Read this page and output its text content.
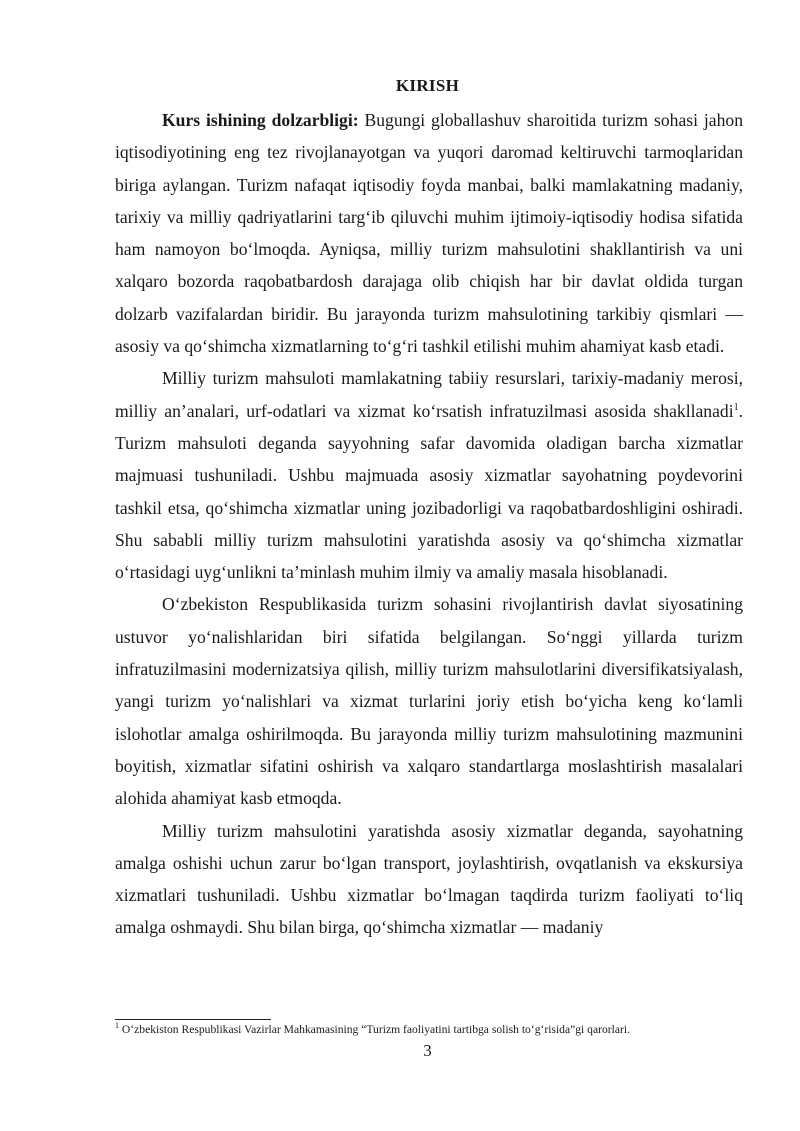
KIRISH

Kurs ishining dolzarbligi: Bugungi globallashuv sharoitida turizm sohasi jahon iqtisodiyotining eng tez rivojlanayotgan va yuqori daromad keltiruvchi tarmoqlaridan biriga aylangan. Turizm nafaqat iqtisodiy foyda manbai, balki mamlakatning madaniy, tarixiy va milliy qadriyatlarini targ‘ib qiluvchi muhim ijtimoiy-iqtisodiy hodisa sifatida ham namoyon bo‘lmoqda. Ayniqsa, milliy turizm mahsulotini shakllantirish va uni xalqaro bozorda raqobatbardosh darajaga olib chiqish har bir davlat oldida turgan dolzarb vazifalardan biridir. Bu jarayonda turizm mahsulotining tarkibiy qismlari — asosiy va qo‘shimcha xizmatlarning to‘g‘ri tashkil etilishi muhim ahamiyat kasb etadi.

Milliy turizm mahsuloti mamlakatning tabiiy resurslari, tarixiy-madaniy merosi, milliy an’analari, urf-odatlari va xizmat ko‘rsatish infratuzilmasi asosida shakllanadi$^1$. Turizm mahsuloti deganda sayyohning safar davomida oladigan barcha xizmatlar majmuasi tushuniladi. Ushbu majmuada asosiy xizmatlar sayohatning poydevorini tashkil etsa, qo‘shimcha xizmatlar uning jozibadorligi va raqobatbardoshligini oshiradi. Shu sababli milliy turizm mahsulotini yaratishda asosiy va qo‘shimcha xizmatlar o‘rtasidagi uyg‘unlikni ta’minlash muhim ilmiy va amaliy masala hisoblanadi.

O‘zbekiston Respublikasida turizm sohasini rivojlantirish davlat siyosatining ustuvor yo‘nalishlaridan biri sifatida belgilangan. So‘nggi yillarda turizm infratuzilmasini modernizatsiya qilish, milliy turizm mahsulotlarini diversifikatsiyalash, yangi turizm yo‘nalishlari va xizmat turlarini joriy etish bo‘yicha keng ko‘lamli islohotlar amalga oshirilmoqda. Bu jarayonda milliy turizm mahsulotining mazmunini boyitish, xizmatlar sifatini oshirish va xalqaro standartlarga moslashtirish masalalari alohida ahamiyat kasb etmoqda.

Milliy turizm mahsulotini yaratishda asosiy xizmatlar deganda, sayohatning amalga oshishi uchun zarur bo‘lgan transport, joylashtirish, ovqatlanish va ekskursiya xizmatlari tushuniladi. Ushbu xizmatlar bo‘lmagan taqdirda turizm faoliyati to‘liq amalga oshmaydi. Shu bilan birga, qo‘shimcha xizmatlar — madaniy

$^1$ O‘zbekiston Respublikasi Vazirlar Mahkamasining “Turizm faoliyatini tartibga solish to‘g‘risida”gi qarorlari.
3
